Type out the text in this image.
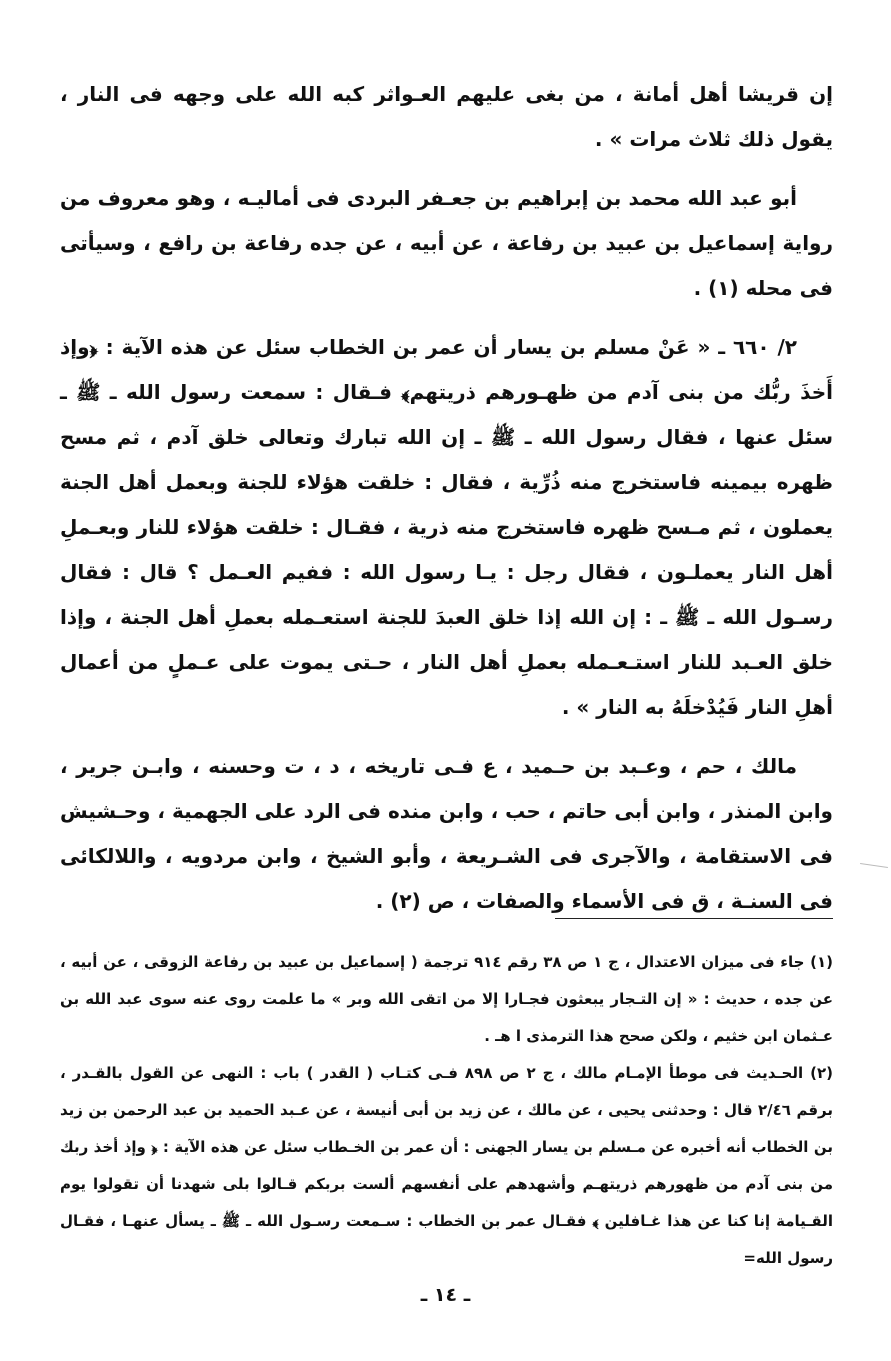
إن قريشا أهل أمانة ، من بغى عليهم العـواثر كبه الله على وجهه فى النار ، يقول ذلك ثلاث مرات » .

أبو عبد الله محمد بن إبراهيم بن جعـفر البردى فى أماليـه ، وهو معروف من رواية إسماعيل بن عبيد بن رفاعة ، عن أبيه ، عن جده رفاعة بن رافع ، وسيأتى فى محله (١) .

٢/ ٦٦٠ ـ « عَنْ مسلم بن يسار أن عمر بن الخطاب سئل عن هذه الآية : ﴿وإذ أَخذَ ربُّك من بنى آدم من ظهـورهم ذريتهم﴾ فـقال : سمعت رسول الله ـ ﷺ ـ سئل عنها ، فقال رسول الله ـ ﷺ ـ إن الله تبارك وتعالى خلق آدم ، ثم مسح ظهره بيمينه فاستخرج منه ذُرِّية ، فقال : خلقت هؤلاء للجنة وبعمل أهل الجنة يعملون ، ثم مـسح ظهره فاستخرج منه ذرية ، فقـال : خلقت هؤلاء للنار وبعـملِ أهل النار يعملـون ، فقال رجل : يـا رسول الله : ففيم العـمل ؟ قال : فقال رسـول الله ـ ﷺ ـ : إن الله إذا خلق العبدَ للجنة استعـمله بعملِ أهل الجنة ، وإذا خلق العـبد للنار استـعـمله بعملِ أهل النار ، حـتى يموت على عـملٍ من أعمال أهلِ النار فَيُدْخلَهُ به النار » .

مالك ، حم ، وعـبد بن حـميد ، ع فـى تاريخه ، د ، ت وحسنه ، وابـن جرير ، وابن المنذر ، وابن أبى حاتم ، حب ، وابن منده فى الرد على الجهمية ، وحـشيش فى الاستقامة ، والآجرى فى الشـريعة ، وأبو الشيخ ، وابن مردويه ، واللالكائى فى السنـة ، ق فى الأسماء والصفات ، ص (٢) .

(١) جاء فى ميزان الاعتدال ، ج ١ ص ٣٨ رقم ٩١٤ ترجمة ( إسماعيل بن عبيد بن رفاعة الزوقى ، عن أبيه ، عن جده ، حديث : « إن التـجار يبعثون فجـارا إلا من اتقى الله وبر » ما علمت روى عنه سوى عبد الله بن عـثمان ابن خثيم ، ولكن صحح هذا الترمذى ا هـ .

(٢) الحـديث فى موطأ الإمـام مالك ، ج ٢ ص ٨٩٨ فـى كتـاب ( القدر ) باب : النهى عن القول بالقـدر ، برقم ٢/٤٦ قال : وحدثنى يحيى ، عن مالك ، عن زيد بن أبى أنيسة ، عن عـبد الحميد بن عبد الرحمن بن زيد بن الخطاب أنه أخبره عن مـسلم بن يسار الجهنى : أن عمر بن الخـطاب سئل عن هذه الآية : ﴿ وإذ أخذ ربك من بنى آدم من ظهورهم ذريتهـم وأشهدهم على أنفسهم ألست بربكم قـالوا بلى شهدنا أن تقولوا يوم القـيامة إنا كنا عن هذا غـافلين ﴾ فقـال عمر بن الخطاب : سـمعت رسـول الله ـ ﷺ ـ يسأل عنهـا ، فقـال رسول الله=

ـ ١٤ ـ
